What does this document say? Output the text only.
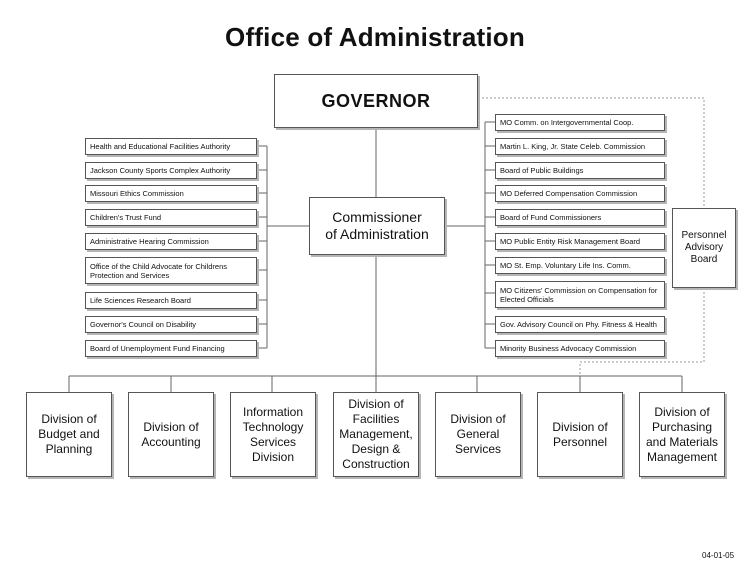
Office of Administration
GOVERNOR
Commissioner
of Administration	Personnel
Advisory
Board
Health and Educational Facilities Authority
Jackson County Sports Complex Authority
Missouri Ethics Commission
Children's Trust Fund
Administrative Hearing Commission
Office of the Child Advocate for Childrens Protection and Services
Life Sciences Research Board
Governor's Council on Disability
Board of Unemployment Fund Financing
MO Comm. on Intergovernmental Coop.
Martin L. King, Jr. State Celeb. Commission
Board of Public Buildings
MO Deferred Compensation Commission
Board of Fund Commissioners
MO Public Entity Risk Management Board
MO St. Emp. Voluntary Life Ins. Comm.
MO Citizens' Commission on Compensation for Elected Officials
Gov. Advisory Council on Phy. Fitness & Health
Minority Business Advocacy Commission
Division of
Budget and
Planning
Division of
Accounting
Information
Technology
Services
Division
Division of
Facilities
Management,
Design &
Construction
Division of
General
Services
Division of
Personnel
Division of
Purchasing
and Materials
Management
04-01-05
